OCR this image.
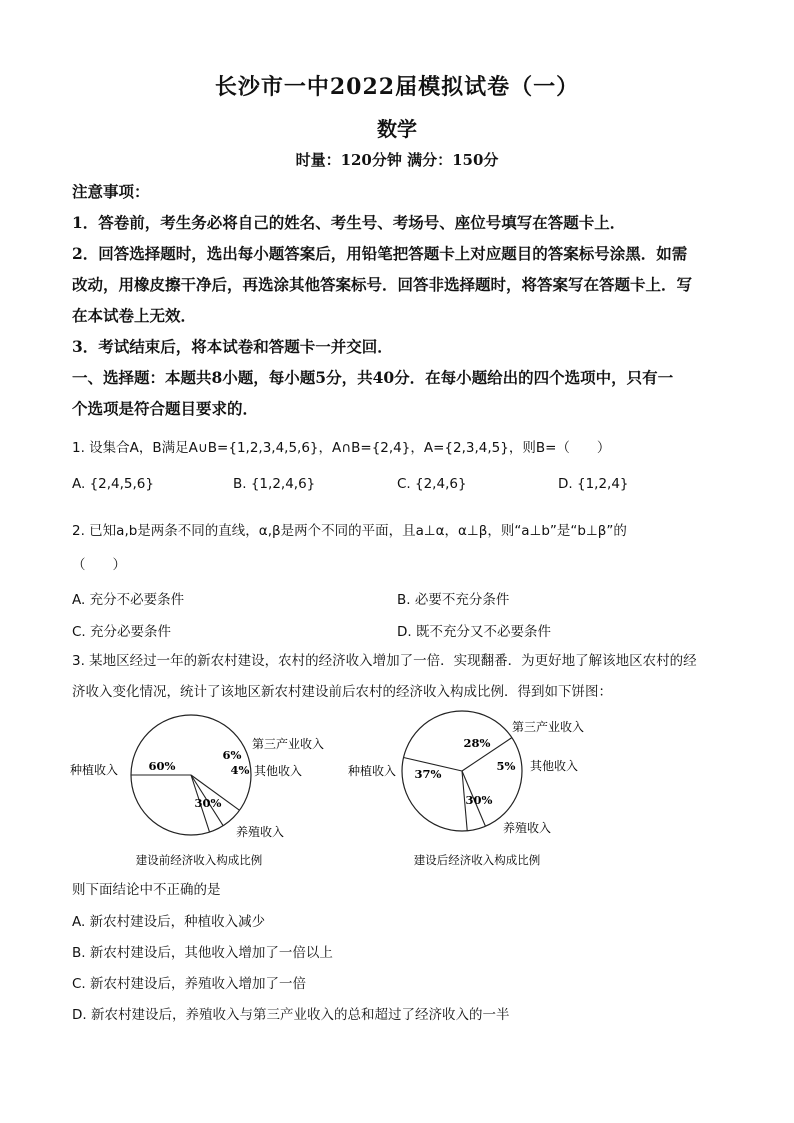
长沙市一中2022届模拟试卷（一）
数学
时量：120分钟 满分：150分
注意事项：
1．答卷前，考生务必将自己的姓名、考生号、考场号、座位号填写在答题卡上．
2．回答选择题时，选出每小题答案后，用铅笔把答题卡上对应题目的答案标号涂黑．如需
改动，用橡皮擦干净后，再选涂其他答案标号．回答非选择题时，将答案写在答题卡上．写
在本试卷上无效．
3．考试结束后，将本试卷和答题卡一并交回．
一、选择题：本题共8小题，每小题5分，共40分．在每小题给出的四个选项中，只有一
个选项是符合题目要求的．
1. 设集合A，B满足A∪B={1,2,3,4,5,6}，A∩B={2,4}，A={2,3,4,5}，则B=（　　）
A. {2,4,5,6}	B. {1,2,4,6}	C. {2,4,6}	D. {1,2,4}
2. 已知a,b是两条不同的直线，α,β是两个不同的平面，且a⊥α，α⊥β，则“a⊥b”是“b⊥β”的
（　　）
A. 充分不必要条件	B. 必要不充分条件
C. 充分必要条件	D. 既不充分又不必要条件
3. 某地区经过一年的新农村建设，农村的经济收入增加了一倍．实现翻番．为更好地了解该地区农村的经
济收入变化情况，统计了该地区新农村建设前后农村的经济收入构成比例．得到如下饼图：
60%
6%
4%
30%
种植收入
第三产业收入
其他收入
养殖收入
建设前经济收入构成比例
37%
28%
5%
30%
种植收入
第三产业收入
其他收入
养殖收入
建设后经济收入构成比例
则下面结论中不正确的是
A. 新农村建设后，种植收入减少
B. 新农村建设后，其他收入增加了一倍以上
C. 新农村建设后，养殖收入增加了一倍
D. 新农村建设后，养殖收入与第三产业收入的总和超过了经济收入的一半
